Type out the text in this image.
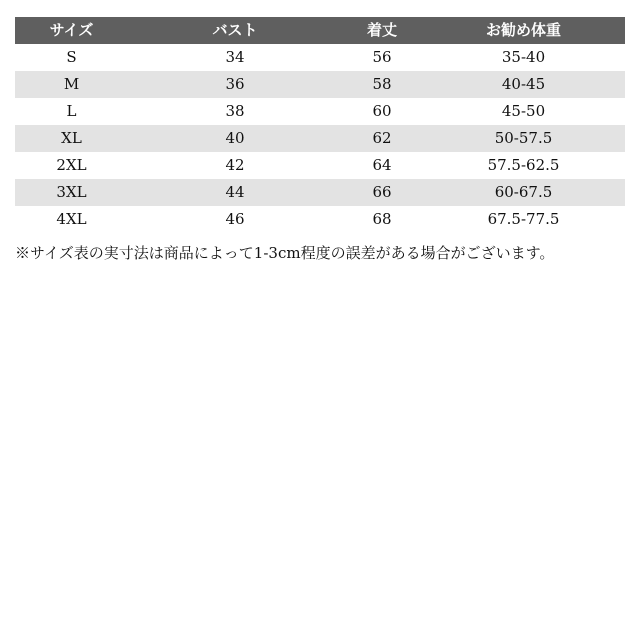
サイズ	バスト	着丈	お勧め体重
S	34	56	35-40
M	36	58	40-45
L	38	60	45-50
XL	40	62	50-57.5
2XL	42	64	57.5-62.5
3XL	44	66	60-67.5
4XL	46	68	67.5-77.5
※サイズ表の実寸法は商品によって1-3cm程度の誤差がある場合がございます。
